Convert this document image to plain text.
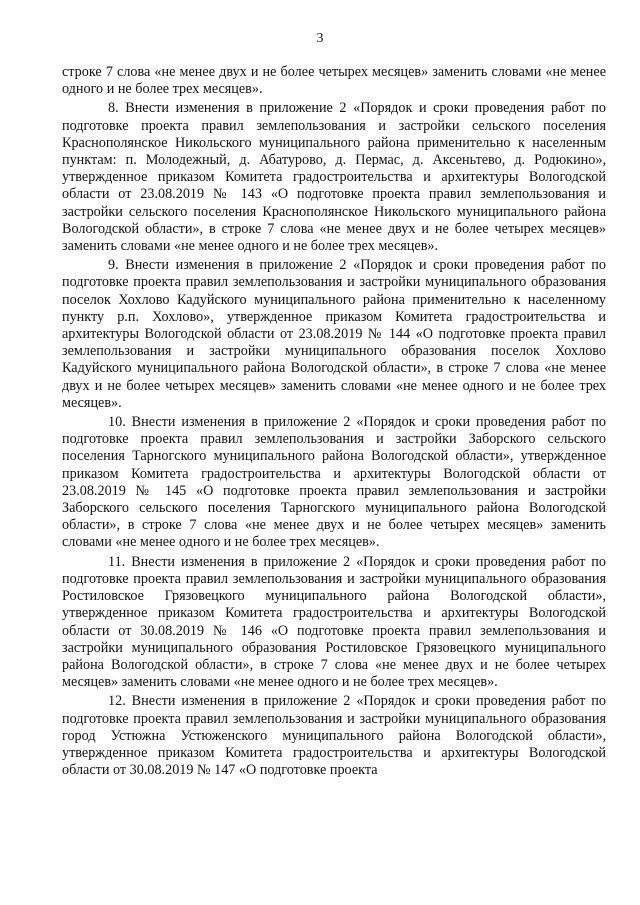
3

строке 7 слова «не менее двух и не более четырех месяцев» заменить словами «не менее одного и не более трех месяцев».

8. Внести изменения в приложение 2 «Порядок и сроки проведения работ по подготовке проекта правил землепользования и застройки сельского поселения Краснополянское Никольского муниципального района применительно к населенным пунктам: п. Молодежный, д. Абатурово, д. Пермас, д. Аксеньтево, д. Родюкино», утвержденное приказом Комитета градостроительства и архитектуры Вологодской области от 23.08.2019 № 143 «О подготовке проекта правил землепользования и застройки сельского поселения Краснополянское Никольского муниципального района Вологодской области», в строке 7 слова «не менее двух и не более четырех месяцев» заменить словами «не менее одного и не более трех месяцев».

9. Внести изменения в приложение 2 «Порядок и сроки проведения работ по подготовке проекта правил землепользования и застройки муниципального образования поселок Хохлово Кадуйского муниципального района применительно к населенному пункту р.п. Хохлово», утвержденное приказом Комитета градостроительства и архитектуры Вологодской области от 23.08.2019 № 144 «О подготовке проекта правил землепользования и застройки муниципального образования поселок Хохлово Кадуйского муниципального района Вологодской области», в строке 7 слова «не менее двух и не более четырех месяцев» заменить словами «не менее одного и не более трех месяцев».

10. Внести изменения в приложение 2 «Порядок и сроки проведения работ по подготовке проекта правил землепользования и застройки Заборского сельского поселения Тарногского муниципального района Вологодской области», утвержденное приказом Комитета градостроительства и архитектуры Вологодской области от 23.08.2019 № 145 «О подготовке проекта правил землепользования и застройки Заборского сельского поселения Тарногского муниципального района Вологодской области», в строке 7 слова «не менее двух и не более четырех месяцев» заменить словами «не менее одного и не более трех месяцев».

11. Внести изменения в приложение 2 «Порядок и сроки проведения работ по подготовке проекта правил землепользования и застройки муниципального образования Ростиловское Грязовецкого муниципального района Вологодской области», утвержденное приказом Комитета градостроительства и архитектуры Вологодской области от 30.08.2019 № 146 «О подготовке проекта правил землепользования и застройки муниципального образования Ростиловское Грязовецкого муниципального района Вологодской области», в строке 7 слова «не менее двух и не более четырех месяцев» заменить словами «не менее одного и не более трех месяцев».

12. Внести изменения в приложение 2 «Порядок и сроки проведения работ по подготовке проекта правил землепользования и застройки муниципального образования город Устюжна Устюженского муниципального района Вологодской области», утвержденное приказом Комитета градостроительства и архитектуры Вологодской области от 30.08.2019 № 147 «О подготовке проекта
